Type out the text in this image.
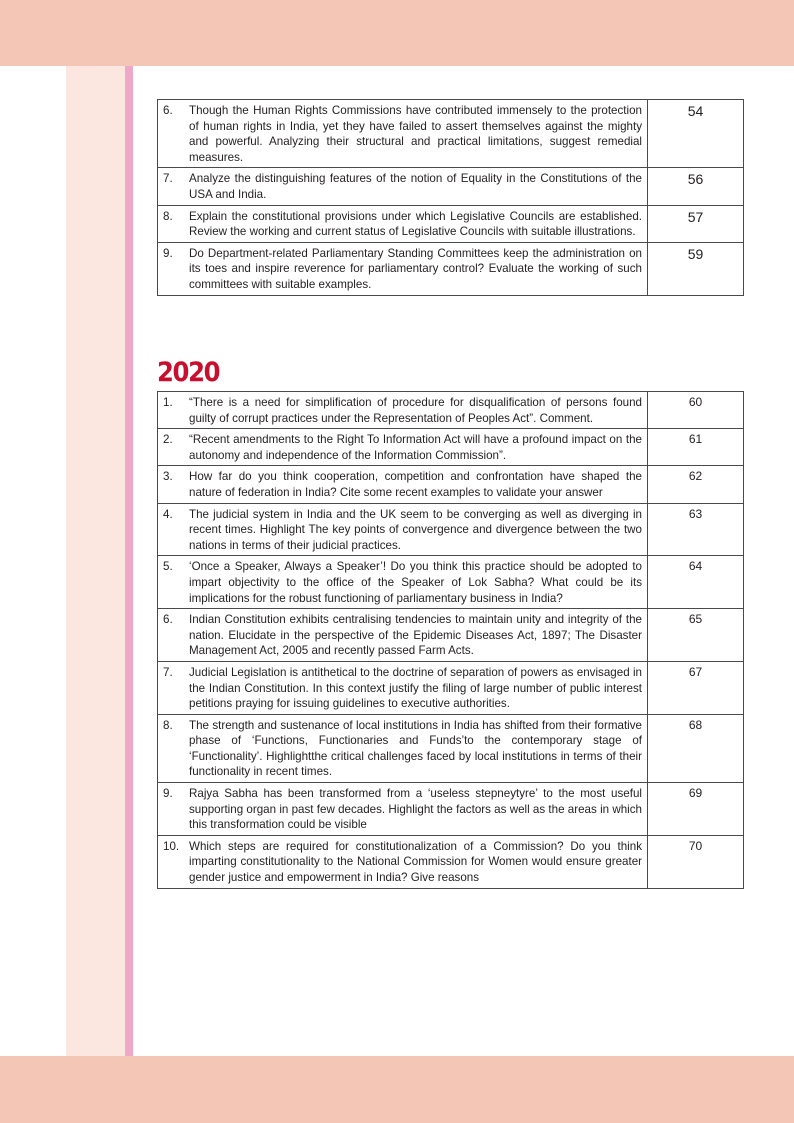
6. Though the Human Rights Commissions have contributed immensely to the protection of human rights in India, yet they have failed to assert themselves against the mighty and powerful. Analyzing their structural and practical limitations, suggest remedial measures.	54

7. Analyze the distinguishing features of the notion of Equality in the Constitutions of the USA and India.	56

8. Explain the constitutional provisions under which Legislative Councils are established. Review the working and current status of Legislative Councils with suitable illustrations.	57

9. Do Department-related Parliamentary Standing Committees keep the administration on its toes and inspire reverence for parliamentary control? Evaluate the working of such committees with suitable examples.	59
2020
1. “There is a need for simplification of procedure for disqualification of persons found guilty of corrupt practices under the Representation of Peoples Act”. Comment.	60

2. “Recent amendments to the Right To Information Act will have a profound impact on the autonomy and independence of the Information Commission”.	61

3. How far do you think cooperation, competition and confrontation have shaped the nature of federation in India? Cite some recent examples to validate your answer	62

4. The judicial system in India and the UK seem to be converging as well as diverging in recent times. Highlight The key points of convergence and divergence between the two nations in terms of their judicial practices.	63

5. ‘Once a Speaker, Always a Speaker’! Do you think this practice should be adopted to impart objectivity to the office of the Speaker of Lok Sabha? What could be its implications for the robust functioning of parliamentary business in India?	64

6. Indian Constitution exhibits centralising tendencies to maintain unity and integrity of the nation. Elucidate in the perspective of the Epidemic Diseases Act, 1897; The Disaster Management Act, 2005 and recently passed Farm Acts.	65

7. Judicial Legislation is antithetical to the doctrine of separation of powers as envisaged in the Indian Constitution. In this context justify the filing of large number of public interest petitions praying for issuing guidelines to executive authorities.	67

8. The strength and sustenance of local institutions in India has shifted from their formative phase of ‘Functions, Functionaries and Funds’to the contemporary stage of ‘Functionality’. Highlightthe critical challenges faced by local institutions in terms of their functionality in recent times.	68

9. Rajya Sabha has been transformed from a ‘useless stepneytyre’ to the most useful supporting organ in past few decades. Highlight the factors as well as the areas in which this transformation could be visible	69

10. Which steps are required for constitutionalization of a Commission? Do you think imparting constitutionality to the National Commission for Women would ensure greater gender justice and empowerment in India? Give reasons	70
